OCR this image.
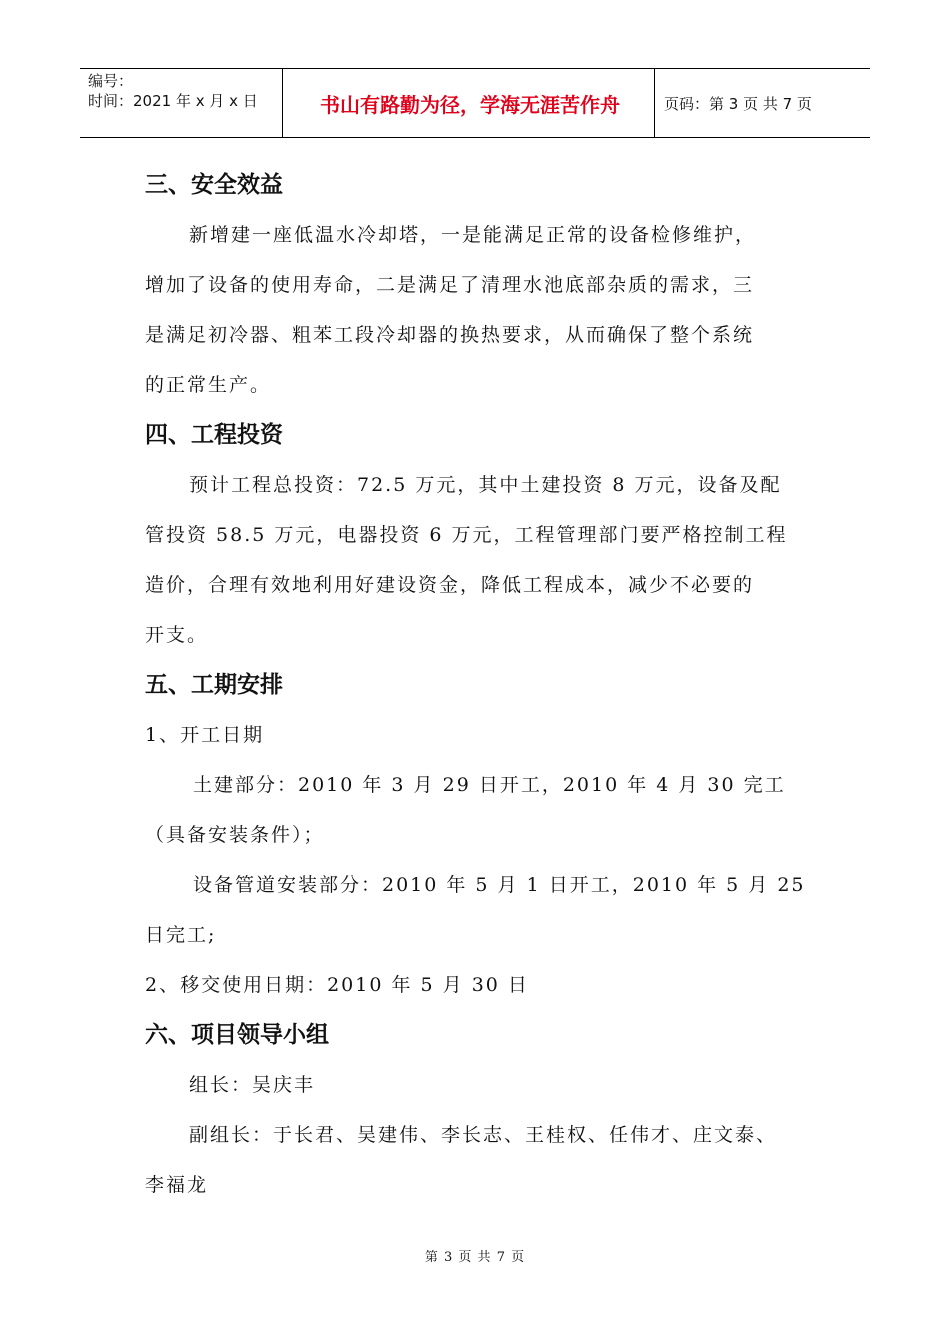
编号：
时间：2021 年 x 月 x 日	书山有路勤为径，学海无涯苦作舟	页码：第 3 页 共 7 页
三、安全效益
新增建一座低温水冷却塔，一是能满足正常的设备检修维护，
增加了设备的使用寿命，二是满足了清理水池底部杂质的需求，三
是满足初冷器、粗苯工段冷却器的换热要求，从而确保了整个系统
的正常生产。
四、工程投资
预计工程总投资：72.5 万元，其中土建投资 8 万元，设备及配
管投资 58.5 万元，电器投资 6 万元，工程管理部门要严格控制工程
造价，合理有效地利用好建设资金，降低工程成本，减少不必要的
开支。
五、工期安排
1、开工日期
土建部分：2010 年 3 月 29 日开工，2010 年 4 月 30 完工
（具备安装条件）；
设备管道安装部分：2010 年 5 月 1 日开工，2010 年 5 月 25
日完工;
2、移交使用日期：2010 年 5 月 30 日
六、项目领导小组
组长：吴庆丰
副组长：于长君、吴建伟、李长志、王桂权、任伟才、庄文泰、
李福龙
第 3 页 共 7 页
